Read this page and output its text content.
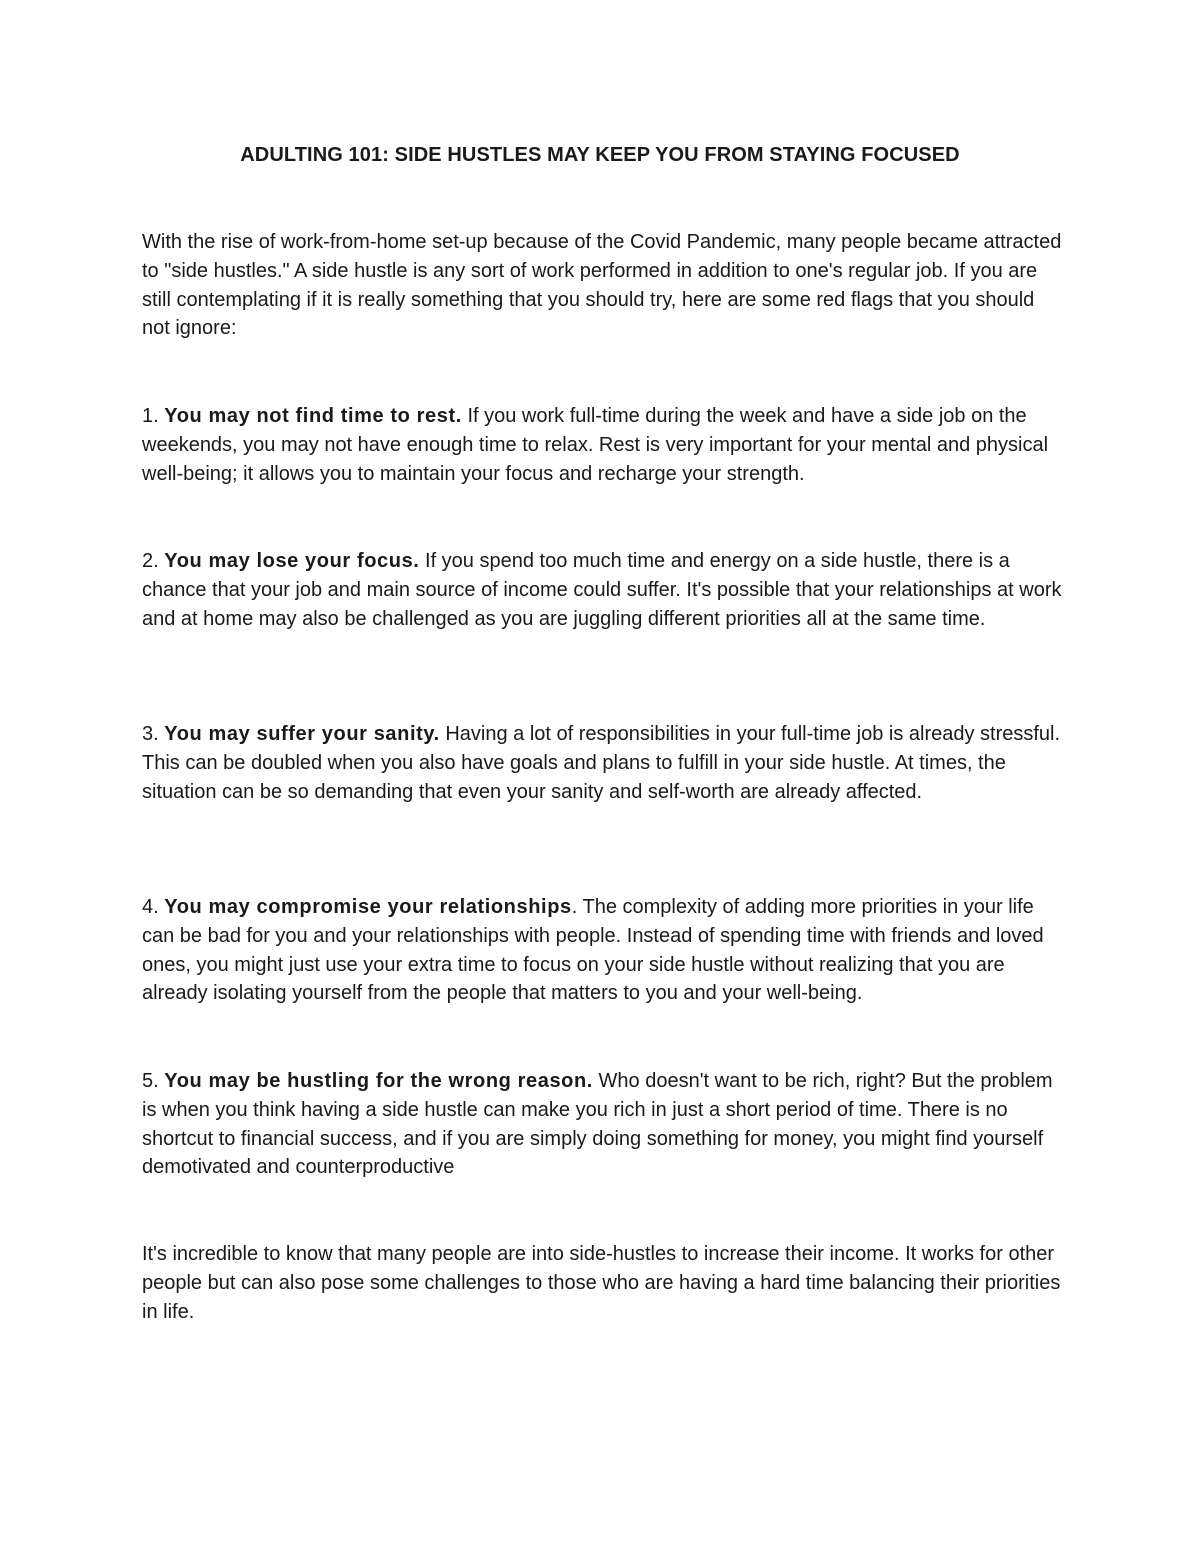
ADULTING 101: SIDE HUSTLES MAY KEEP YOU FROM STAYING FOCUSED

With the rise of work-from-home set-up because of the Covid Pandemic, many people became attracted to "side hustles." A side hustle is any sort of work performed in addition to one's regular job. If you are still contemplating if it is really something that you should try, here are some red flags that you should not ignore:

1. You may not find time to rest. If you work full-time during the week and have a side job on the weekends, you may not have enough time to relax. Rest is very important for your mental and physical well-being; it allows you to maintain your focus and recharge your strength.

2. You may lose your focus. If you spend too much time and energy on a side hustle, there is a chance that your job and main source of income could suffer. It's possible that your relationships at work and at home may also be challenged as you are juggling different priorities all at the same time.

3. You may suffer your sanity. Having a lot of responsibilities in your full-time job is already stressful. This can be doubled when you also have goals and plans to fulfill in your side hustle. At times, the situation can be so demanding that even your sanity and self-worth are already affected.

4. You may compromise your relationships. The complexity of adding more priorities in your life can be bad for you and your relationships with people. Instead of spending time with friends and loved ones, you might just use your extra time to focus on your side hustle without realizing that you are already isolating yourself from the people that matters to you and your well-being.

5. You may be hustling for the wrong reason. Who doesn't want to be rich, right? But the problem is when you think having a side hustle can make you rich in just a short period of time. There is no shortcut to financial success, and if you are simply doing something for money, you might find yourself demotivated and counterproductive

It's incredible to know that many people are into side-hustles to increase their income. It works for other people but can also pose some challenges to those who are having a hard time balancing their priorities in life.
